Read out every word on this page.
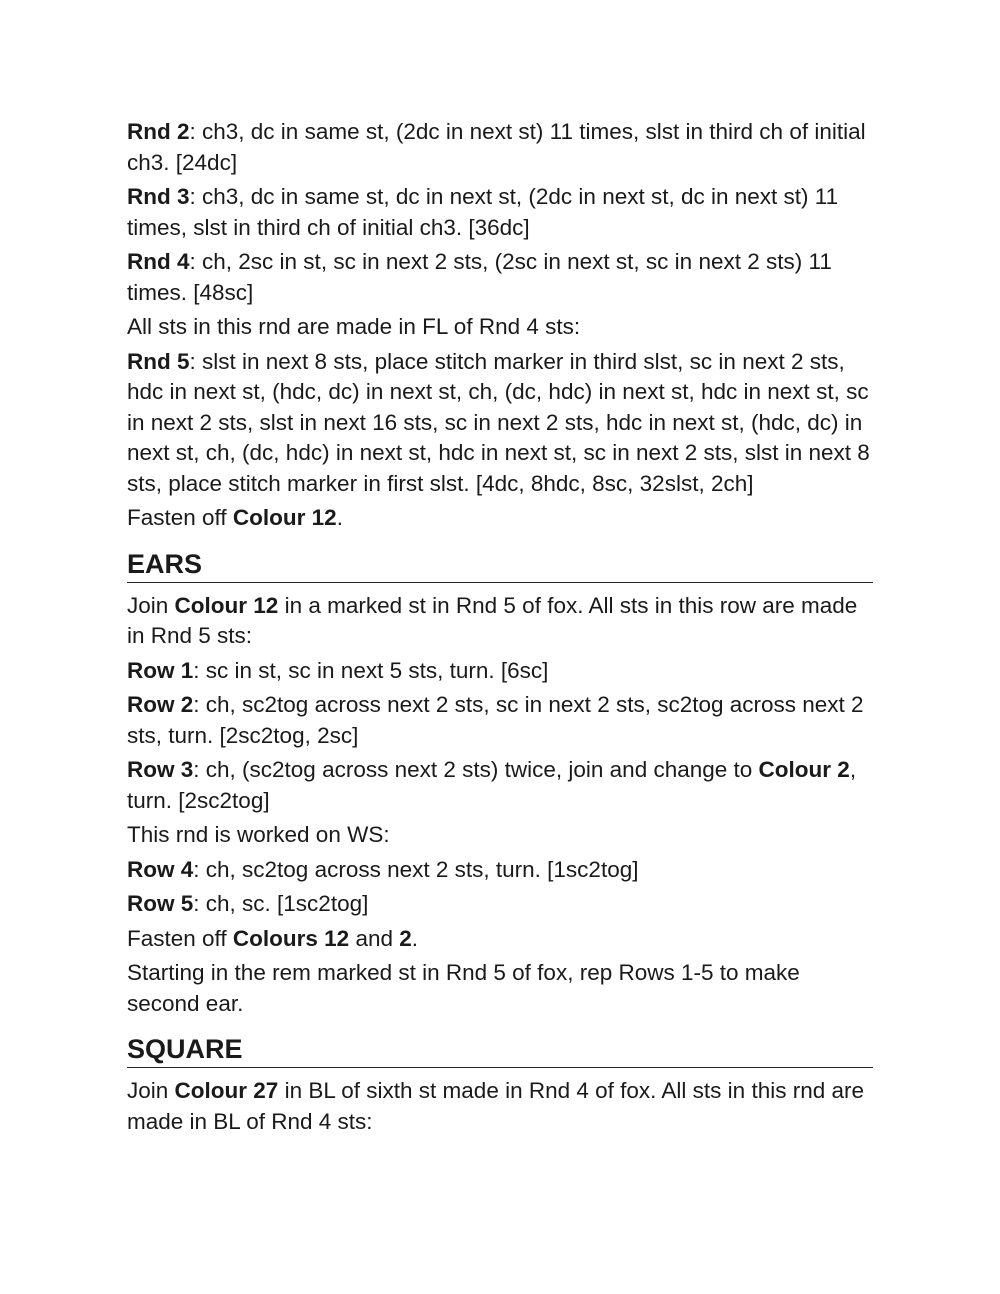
Rnd 2: ch3, dc in same st, (2dc in next st) 11 times, slst in third ch of initial ch3. [24dc]

Rnd 3: ch3, dc in same st, dc in next st, (2dc in next st, dc in next st) 11 times, slst in third ch of initial ch3. [36dc]

Rnd 4: ch, 2sc in st, sc in next 2 sts, (2sc in next st, sc in next 2 sts) 11 times. [48sc]

All sts in this rnd are made in FL of Rnd 4 sts:

Rnd 5: slst in next 8 sts, place stitch marker in third slst, sc in next 2 sts, hdc in next st, (hdc, dc) in next st, ch, (dc, hdc) in next st, hdc in next st, sc in next 2 sts, slst in next 16 sts, sc in next 2 sts, hdc in next st, (hdc, dc) in next st, ch, (dc, hdc) in next st, hdc in next st, sc in next 2 sts, slst in next 8 sts, place stitch marker in first slst. [4dc, 8hdc, 8sc, 32slst, 2ch]

Fasten off Colour 12.

EARS

Join Colour 12 in a marked st in Rnd 5 of fox. All sts in this row are made in Rnd 5 sts:

Row 1: sc in st, sc in next 5 sts, turn. [6sc]

Row 2: ch, sc2tog across next 2 sts, sc in next 2 sts, sc2tog across next 2 sts, turn. [2sc2tog, 2sc]

Row 3: ch, (sc2tog across next 2 sts) twice, join and change to Colour 2, turn. [2sc2tog]

This rnd is worked on WS:

Row 4: ch, sc2tog across next 2 sts, turn. [1sc2tog]

Row 5: ch, sc. [1sc2tog]

Fasten off Colours 12 and 2.

Starting in the rem marked st in Rnd 5 of fox, rep Rows 1-5 to make second ear.

SQUARE

Join Colour 27 in BL of sixth st made in Rnd 4 of fox. All sts in this rnd are made in BL of Rnd 4 sts:
